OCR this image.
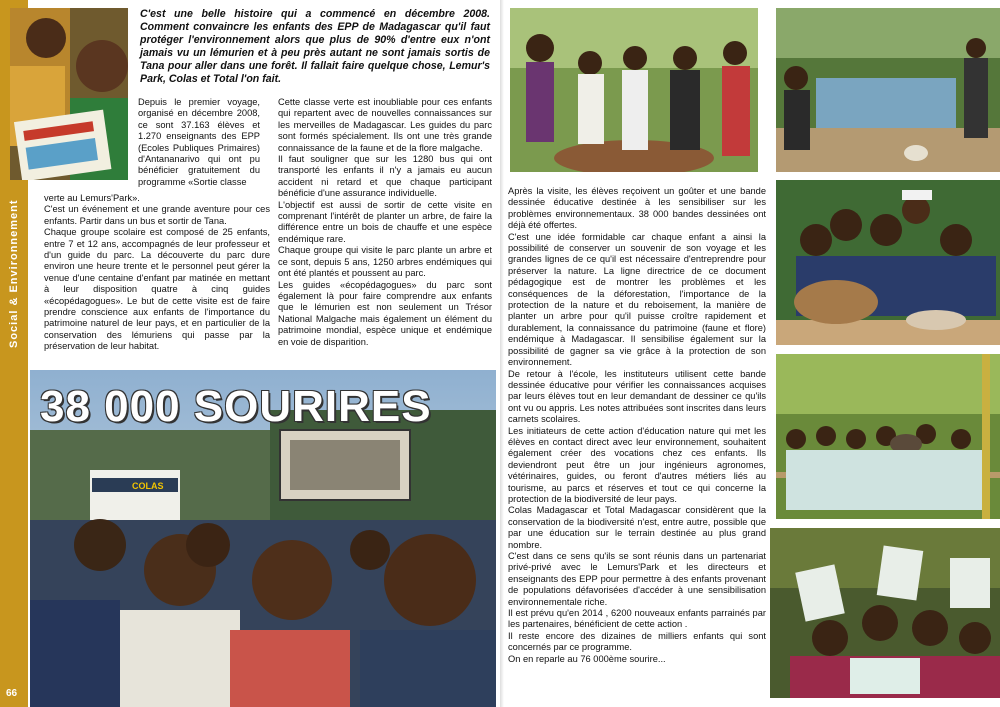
Social & Environnement
66
C'est une belle histoire qui a commencé en décembre 2008. Comment convaincre les enfants des EPP de Madagascar qu'il faut protéger l'environnement alors que plus de 90% d'entre eux n'ont jamais vu un lémurien et à peu près autant ne sont jamais sortis de Tana pour aller dans une forêt. Il fallait faire quelque chose, Lemur's Park, Colas et Total l'on fait.

Depuis le premier voyage, organisé en décembre 2008, ce sont 37.163 élèves et 1.270 enseignants des EPP (Ecoles Publiques Primaires) d'Antananarivo qui ont pu bénéficier gratuitement du programme «Sortie classe

verte au Lemurs'Park».

C'est un événement et une grande aventure pour ces enfants. Partir dans un bus et sortir de Tana.

Chaque groupe scolaire est composé de 25 enfants, entre 7 et 12 ans, accompagnés de leur professeur et d'un guide du parc. La découverte du parc dure environ une heure trente et le personnel peut gérer la venue d'une centaine d'enfant par matinée en mettant à leur disposition quatre à cinq guides «écopédagogues». Le but de cette visite est de faire prendre conscience aux enfants de l'importance du patrimoine naturel de leur pays, et en particulier de la conservation des lémuriens qui passe par la préservation de leur habitat.

Cette classe verte est inoubliable pour ces enfants qui repartent avec de nouvelles connaissances sur les merveilles de Madagascar. Les guides du parc sont formés spécialement. Ils ont une très grande connaissance de la faune et de la flore malgache.

Il faut souligner que sur les 1280 bus qui ont transporté les enfants il n'y a jamais eu aucun accident ni retard et que chaque participant bénéficie d'une assurance individuelle.

L'objectif est aussi de sortir de cette visite en comprenant l'intérêt de planter un arbre, de faire la différence entre un bois de chauffe et une espèce endémique rare.

Chaque groupe qui visite le parc plante un arbre et ce sont, depuis 5 ans, 1250 arbres endémiques qui ont été plantés et poussent au parc.

Les guides «écopédagogues» du parc sont également là pour faire comprendre aux enfants que le lémurien est non seulement un Trésor National Malgache mais également un élément du patrimoine mondial, espèce unique et endémique en voie de disparition.

COLAS
38 000 SOURIRES

Après la visite, les élèves reçoivent un goûter et une bande dessinée éducative destinée à les sensibiliser sur les problèmes environnementaux. 38 000 bandes dessinées ont déjà été offertes.

C'est une idée formidable car chaque enfant a ainsi la possibilité de conserver un souvenir de son voyage et les grandes lignes de ce qu'il est nécessaire d'entreprendre pour préserver la nature. La ligne directrice de ce document pédagogique est de montrer les problèmes et les conséquences de la déforestation, l'importance de la protection de la nature et du reboisement, la manière de planter un arbre pour qu'il puisse croître rapidement et durablement, la connaissance du patrimoine (faune et flore) endémique à Madagascar. Il sensibilise également sur la possibilité de gagner sa vie grâce à la protection de son environnement.

De retour à l'école, les instituteurs utilisent cette bande dessinée éducative pour vérifier les connaissances acquises par leurs élèves tout en leur demandant de dessiner ce qu'ils ont vu ou appris. Les notes attribuées sont inscrites dans leurs carnets scolaires.

Les initiateurs de cette action d'éducation nature qui met les élèves en contact direct avec leur environnement, souhaitent également créer des vocations chez ces enfants. Ils deviendront peut être un jour ingénieurs agronomes, vétérinaires, guides, ou feront d'autres métiers liés au tourisme, au parcs et réserves et tout ce qui concerne la protection de la biodiversité de leur pays.

Colas Madagascar et Total Madagascar considèrent que la conservation de la biodiversité n'est, entre autre, possible que par une éducation sur le terrain destinée au plus grand nombre.

C'est dans ce sens qu'ils se sont réunis dans un partenariat privé-privé avec le Lemurs'Park et les directeurs et enseignants des EPP pour permettre à des enfants provenant de populations défavorisées d'accéder à une sensibilisation environnementale riche.

Il est prévu qu'en 2014 , 6200 nouveaux enfants parrainés par les partenaires, bénéficient de cette action .

Il reste encore des dizaines de milliers enfants qui sont concernés par ce programme.

On en reparle au 76 000ème sourire...
